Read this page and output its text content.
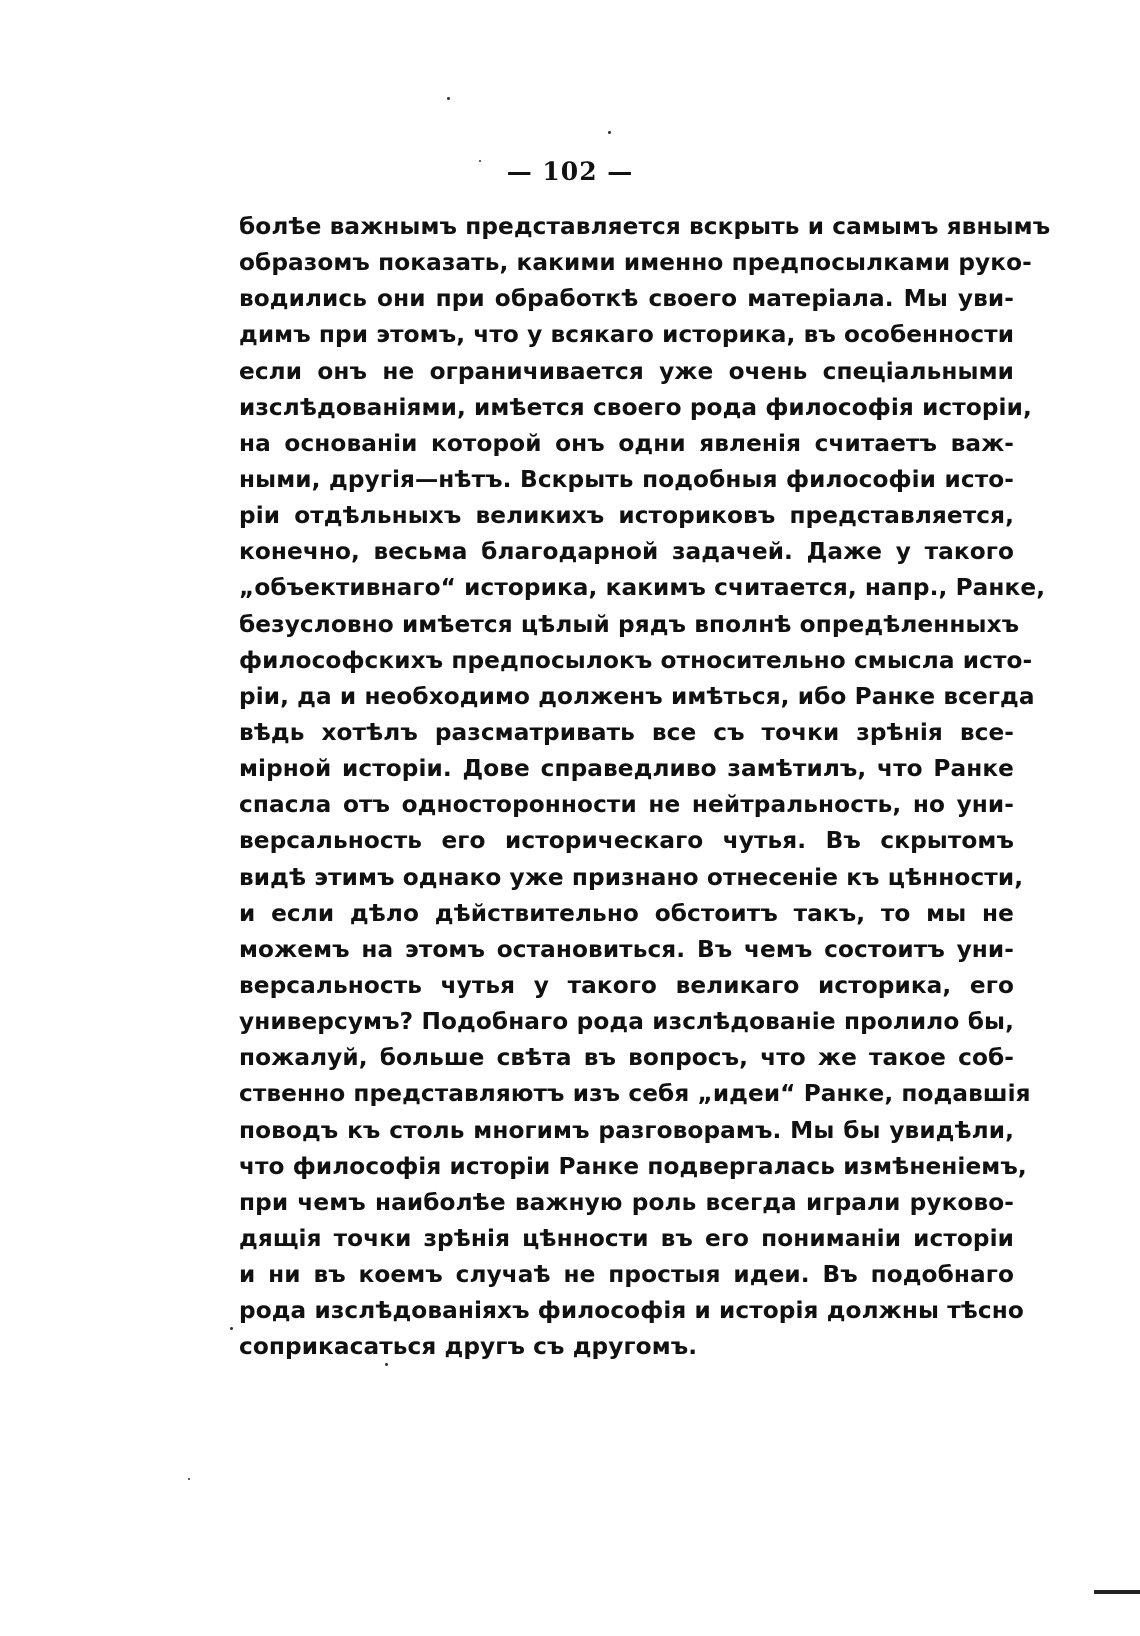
— 102 —
болѣе важнымъ представляется вскрыть и самымъ явнымъ
образомъ показать, какими именно предпосылками руко-
водились они при обработкѣ своего матеріала. Мы уви-
димъ при этомъ, что у всякаго историка, въ особенности
если онъ не ограничивается уже очень спеціальными
изслѣдованіями, имѣется своего рода философія исторіи,
на основаніи которой онъ одни явленія считаетъ важ-
ными, другія—нѣтъ. Вскрыть подобныя философіи исто-
ріи отдѣльныхъ великихъ историковъ представляется,
конечно, весьма благодарной задачей. Даже у такого
„объективнаго“ историка, какимъ считается, напр., Ранке,
безусловно имѣется цѣлый рядъ вполнѣ опредѣленныхъ
философскихъ предпосылокъ относительно смысла исто-
ріи, да и необходимо долженъ имѣться, ибо Ранке всегда
вѣдь хотѣлъ разсматривать все съ точки зрѣнія все-
мірной исторіи. Дове справедливо замѣтилъ, что Ранке
спасла отъ односторонности не нейтральность, но уни-
версальность его историческаго чутья. Въ скрытомъ
видѣ этимъ однако уже признано отнесеніе къ цѣнности,
и если дѣло дѣйствительно обстоитъ такъ, то мы не
можемъ на этомъ остановиться. Въ чемъ состоитъ уни-
версальность чутья у такого великаго историка, его
универсумъ? Подобнаго рода изслѣдованіе пролило бы,
пожалуй, больше свѣта въ вопросъ, что же такое соб-
ственно представляютъ изъ себя „идеи“ Ранке, подавшія
поводъ къ столь многимъ разговорамъ. Мы бы увидѣли,
что философія исторіи Ранке подвергалась измѣненіемъ,
при чемъ наиболѣе важную роль всегда играли руково-
дящія точки зрѣнія цѣнности въ его пониманіи исторіи
и ни въ коемъ случаѣ не простыя идеи. Въ подобнаго
рода изслѣдованіяхъ философія и исторія должны тѣсно
соприкасаться другъ съ другомъ.
